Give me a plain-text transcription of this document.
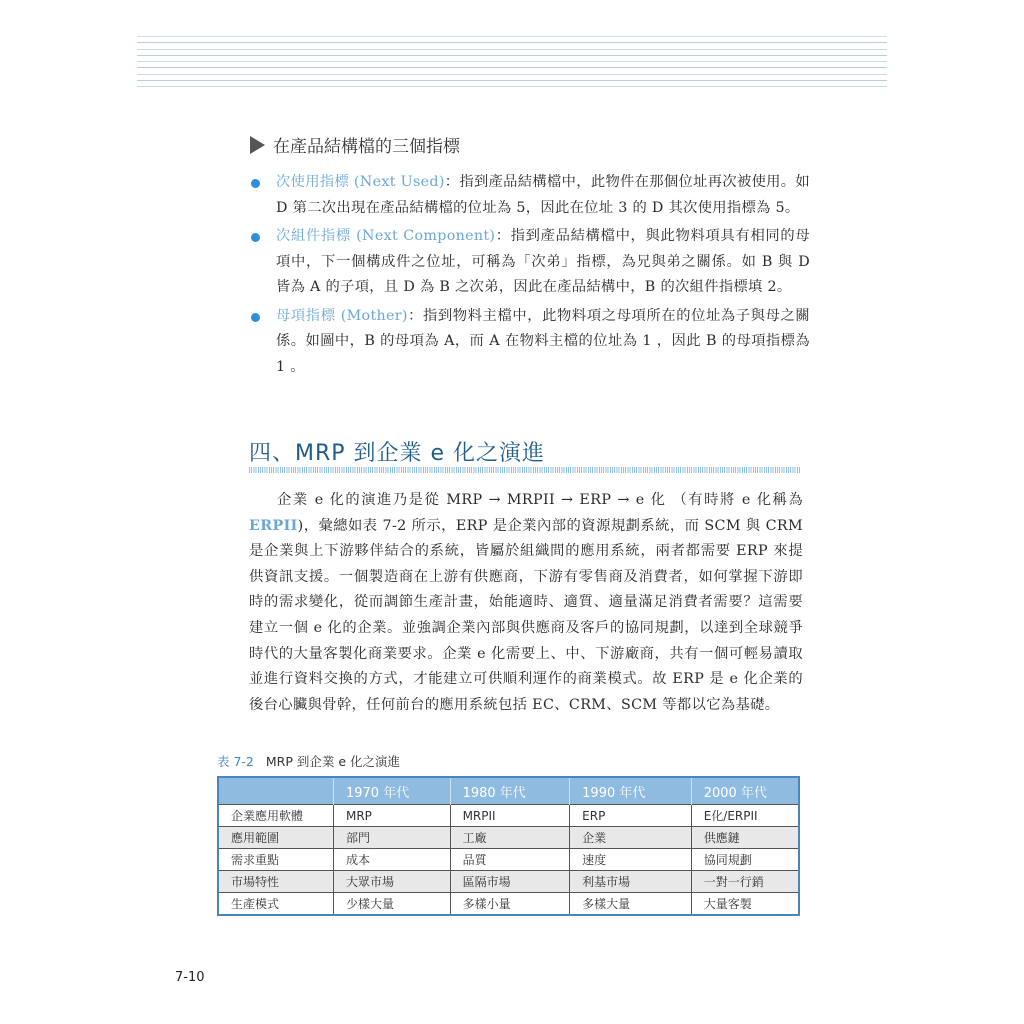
在產品結構檔的三個指標
次使用指標 (Next Used)：指到產品結構檔中，此物件在那個位址再次被使用。如 D 第二次出現在產品結構檔的位址為 5，因此在位址 3 的 D 其次使用指標為 5。
次組件指標 (Next Component)：指到產品結構檔中，與此物料項具有相同的母項中，下一個構成件之位址，可稱為「次弟」指標，為兄與弟之關係。如 B 與 D 皆為 A 的子項，且 D 為 B 之次弟，因此在產品結構中，B 的次組件指標填 2。
母項指標 (Mother)：指到物料主檔中，此物料項之母項所在的位址為子與母之關係。如圖中，B 的母項為 A，而 A 在物料主檔的位址為 1 ，因此 B 的母項指標為 1 。
四、MRP 到企業 e 化之演進
企業 e 化的演進乃是從 MRP → MRPII → ERP → e 化 （有時將 e 化稱為 ERPII)，彙總如表 7-2 所示，ERP 是企業內部的資源規劃系統，而 SCM 與 CRM 是企業與上下游夥伴結合的系統，皆屬於組織間的應用系統，兩者都需要 ERP 來提供資訊支援。一個製造商在上游有供應商，下游有零售商及消費者，如何掌握下游即時的需求變化，從而調節生產計畫，始能適時、適質、適量滿足消費者需要？這需要建立一個 e 化的企業。並強調企業內部與供應商及客戶的協同規劃，以達到全球競爭時代的大量客製化商業要求。企業 e 化需要上、中、下游廠商，共有一個可輕易讀取並進行資料交換的方式，才能建立可供順利運作的商業模式。故 ERP 是 e 化企業的後台心臟與骨幹，任何前台的應用系統包括 EC、CRM、SCM 等都以它為基礎。
表 7-2 MRP 到企業 e 化之演進
	1970 年代	1980 年代	1990 年代	2000 年代
企業應用軟體	MRP	MRPII	ERP	E化/ERPII
應用範圍	部門	工廠	企業	供應鏈
需求重點	成本	品質	速度	協同規劃
市場特性	大眾市場	區隔市場	利基市場	一對一行銷
生產模式	少樣大量	多樣小量	多樣大量	大量客製
7-10
